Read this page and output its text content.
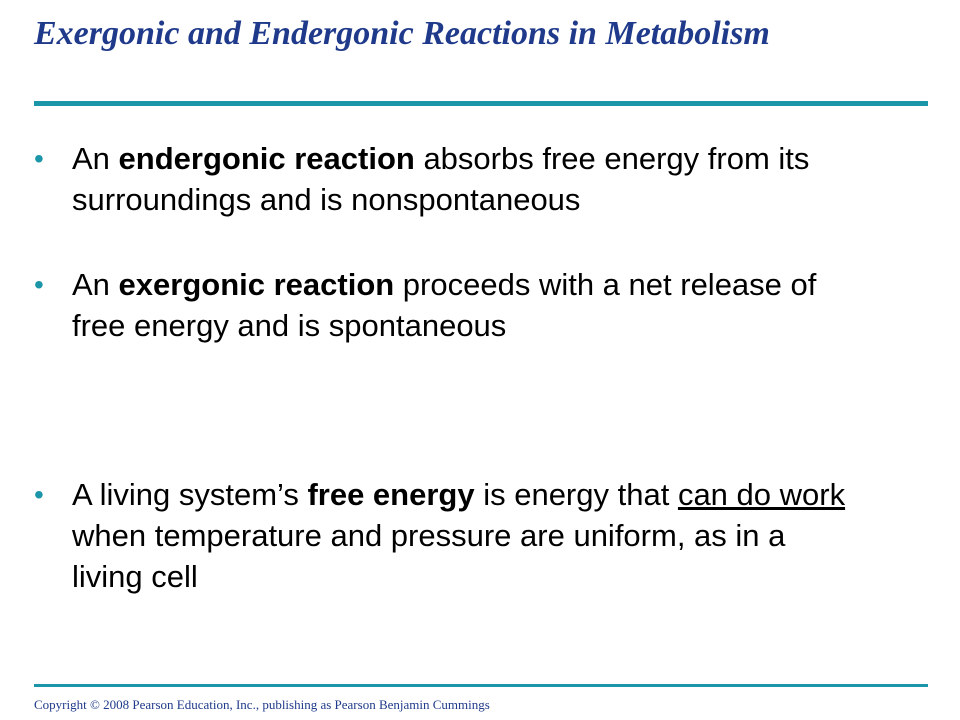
Exergonic and Endergonic Reactions in Metabolism
• An endergonic reaction absorbs free energy from its surroundings and is nonspontaneous
• An exergonic reaction proceeds with a net release of free energy and is spontaneous
• A living system’s free energy is energy that can do work when temperature and pressure are uniform, as in a living cell
Copyright © 2008 Pearson Education, Inc., publishing as Pearson Benjamin Cummings
